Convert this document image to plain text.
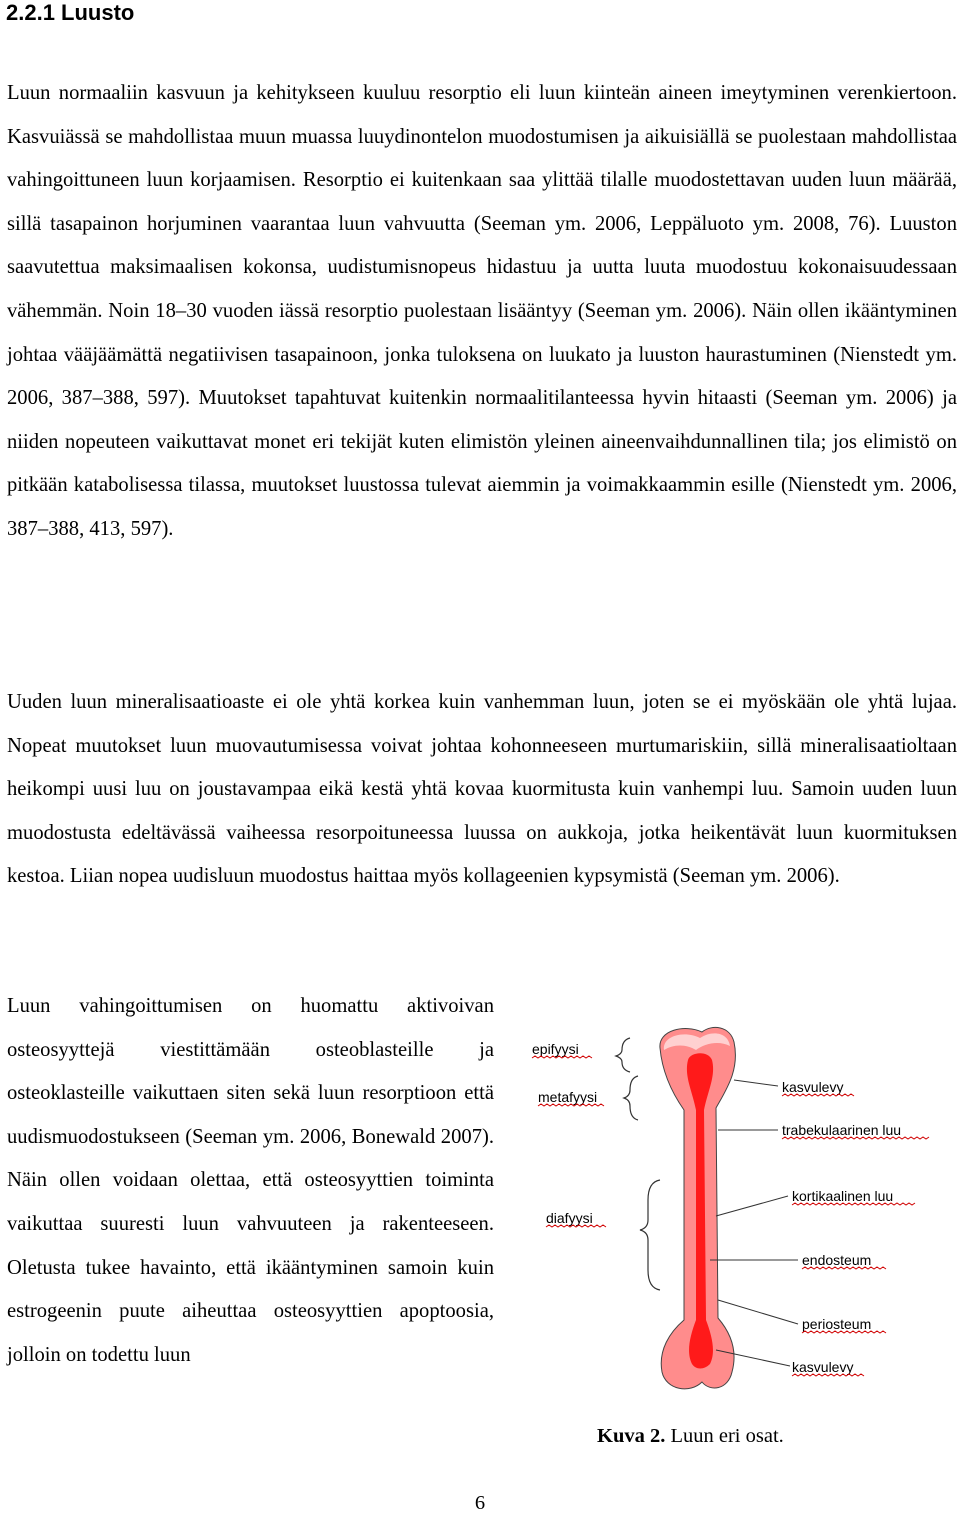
2.2.1 Luusto

Luun normaaliin kasvuun ja kehitykseen kuuluu resorptio eli luun kiinteän aineen imeytyminen verenkiertoon. Kasvuiässä se mahdollistaa muun muassa luuydinontelon muodostumisen ja aikuisiällä se puolestaan mahdollistaa vahingoittuneen luun korjaamisen. Resorptio ei kuitenkaan saa ylittää tilalle muodostettavan uuden luun määrää, sillä tasapainon horjuminen vaarantaa luun vahvuutta (Seeman ym. 2006, Leppäluoto ym. 2008, 76). Luuston saavutettua maksimaalisen kokonsa, uudistumisnopeus hidastuu ja uutta luuta muodostuu kokonaisuudessaan vähemmän. Noin 18–30 vuoden iässä resorptio puolestaan lisääntyy (Seeman ym. 2006). Näin ollen ikääntyminen johtaa vääjäämättä negatiivisen tasapainoon, jonka tuloksena on luukato ja luuston haurastuminen (Nienstedt ym. 2006, 387–388, 597). Muutokset tapahtuvat kuitenkin normaalitilanteessa hyvin hitaasti (Seeman ym. 2006) ja niiden nopeuteen vaikuttavat monet eri tekijät kuten elimistön yleinen aineenvaihdunnallinen tila; jos elimistö on pitkään katabolisessa tilassa, muutokset luustossa tulevat aiemmin ja voimakkaammin esille (Nienstedt ym. 2006, 387–388, 413, 597).

Uuden luun mineralisaatioaste ei ole yhtä korkea kuin vanhemman luun, joten se ei myöskään ole yhtä lujaa. Nopeat muutokset luun muovautumisessa voivat johtaa kohonneeseen murtumariskiin, sillä mineralisaatioltaan heikompi uusi luu on joustavampaa eikä kestä yhtä kovaa kuormitusta kuin vanhempi luu. Samoin uuden luun muodostusta edeltävässä vaiheessa resorpoituneessa luussa on aukkoja, jotka heikentävät luun kuormituksen kestoa. Liian nopea uudisluun muodostus haittaa myös kollageenien kypsymistä (Seeman ym. 2006).

Luun vahingoittumisen on huomattu aktivoivan osteosyyttejä viestittämään osteoblasteille ja osteoklasteille vaikuttaen siten sekä luun resorptioon että uudismuodostukseen (Seeman ym. 2006, Bonewald 2007). Näin ollen voidaan olettaa, että osteosyyttien toiminta vaikuttaa suuresti luun vahvuuteen ja rakenteeseen. Oletusta tukee havainto, että ikääntyminen samoin kuin estrogeenin puute aiheuttaa osteosyyttien apoptoosia, jolloin on todettu luun

epifyysi
metafyysi
diafyysi
kasvulevy
trabekulaarinen luu
kortikaalinen luu
endosteum
periosteum
kasvulevy

Kuva 2. Luun eri osat.

6
